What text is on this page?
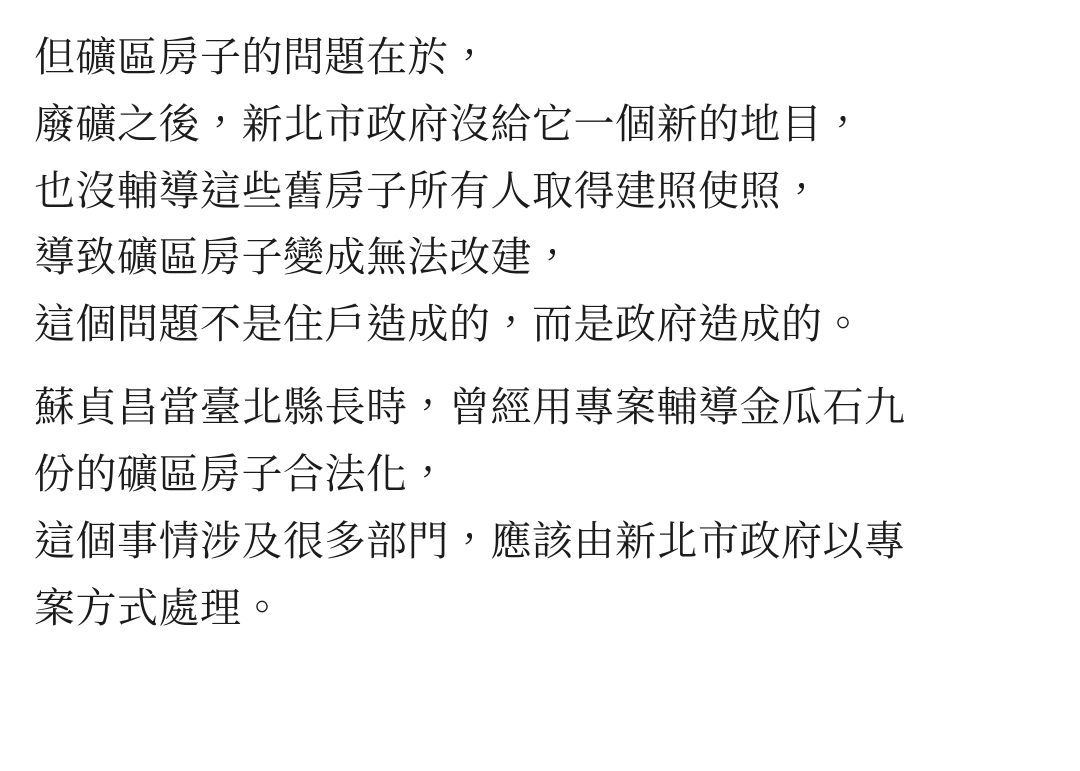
但礦區房子的問題在於，
廢礦之後，新北市政府沒給它一個新的地目，
也沒輔導這些舊房子所有人取得建照使照，
導致礦區房子變成無法改建，
這個問題不是住戶造成的，而是政府造成的。
蘇貞昌當臺北縣長時，曾經用專案輔導金瓜石九
份的礦區房子合法化，
這個事情涉及很多部門，應該由新北市政府以專
案方式處理。
